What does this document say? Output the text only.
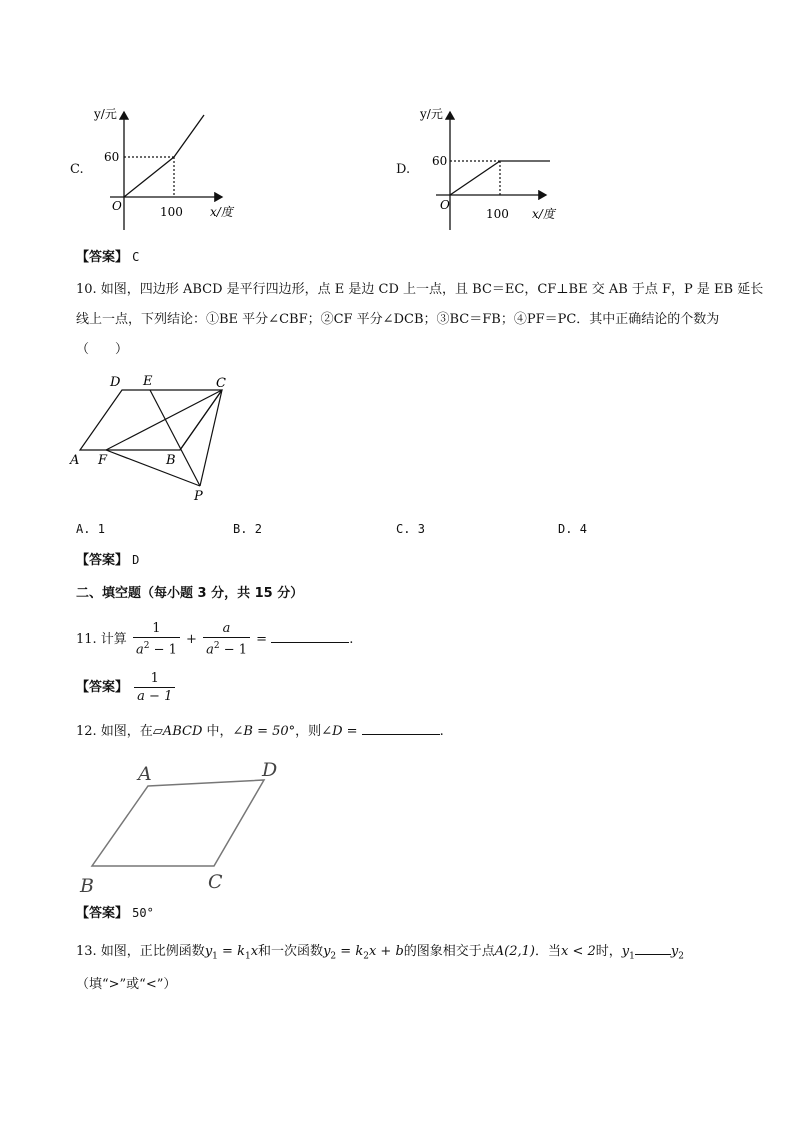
C.
y/元
x/度
60
100
O
D.
y/元
x/度
60
100
O
【答案】 C
10. 如图，四边形 ABCD 是平行四边形，点 E 是边 CD 上一点，且 BC＝EC，CF⊥BE 交 AB 于点 F，P 是 EB 延长
线上一点，下列结论：①BE 平分∠CBF；②CF 平分∠DCB；③BC＝FB；④PF＝PC．其中正确结论的个数为
（　　）
D E	C
A F	B
P
A. 1	B. 2	C. 3	D. 4
【答案】 D
二、填空题（每小题 3 分，共 15 分）
11. 计算 $\frac{1}{a^2 - 1} + \frac{a}{a^2 - 1}$ =	.
【答案】 $\frac{1}{a - 1}$
12. 如图，在▱ABCD 中，∠B = 50°，则∠D =	.
A	D
B	C
【答案】 50°
13. 如图，正比例函数$y_1 = k_1x$和一次函数$y_2 = k_2x + b$的图象相交于点A(2,1)．当x < 2时，$y_1$	$y_2$
（填“>”或“<”）
